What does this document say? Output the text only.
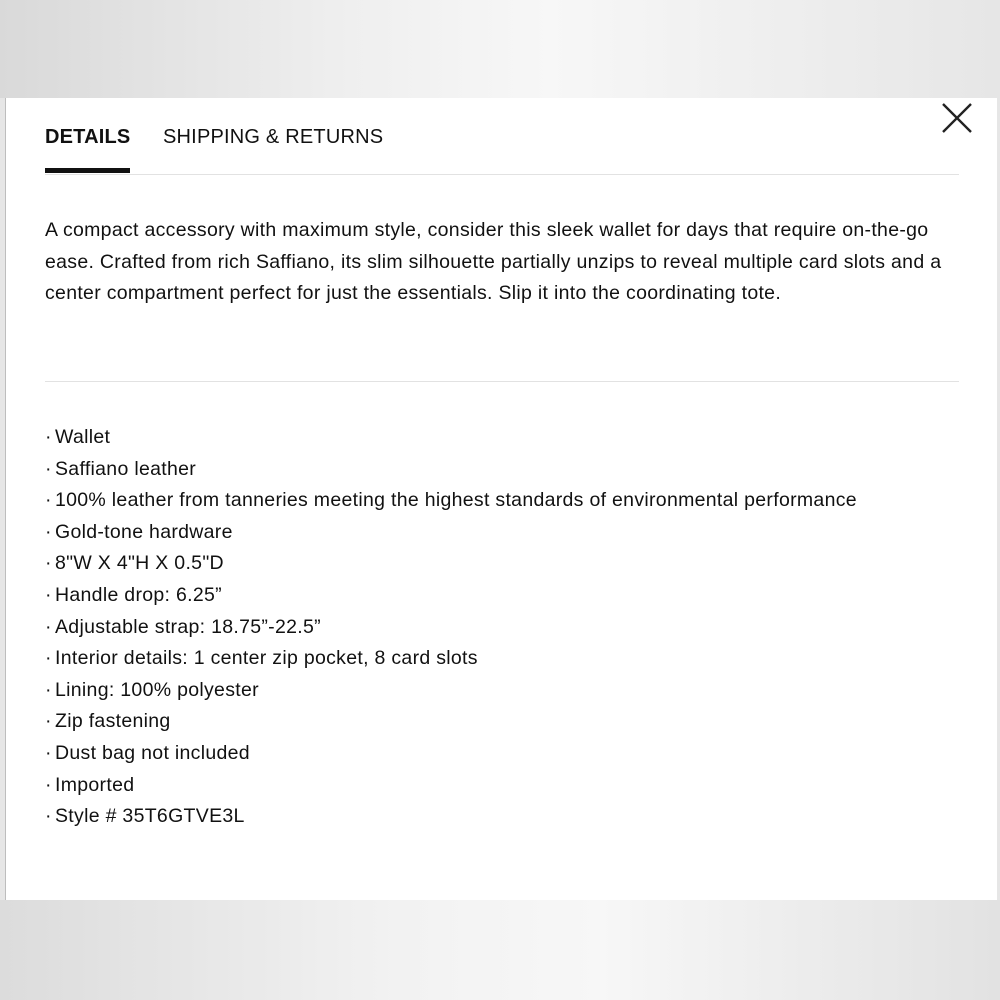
DETAILS SHIPPING & RETURNS

A compact accessory with maximum style, consider this sleek wallet for days that require on-the-go ease. Crafted from rich Saffiano, its slim silhouette partially unzips to reveal multiple card slots and a center compartment perfect for just the essentials. Slip it into the coordinating tote.

· Wallet
· Saffiano leather
· 100% leather from tanneries meeting the highest standards of environmental performance
· Gold-tone hardware
· 8"W X 4"H X 0.5"D
· Handle drop: 6.25”
· Adjustable strap: 18.75”-22.5”
· Interior details: 1 center zip pocket, 8 card slots
· Lining: 100% polyester
· Zip fastening
· Dust bag not included
· Imported
· Style # 35T6GTVE3L
